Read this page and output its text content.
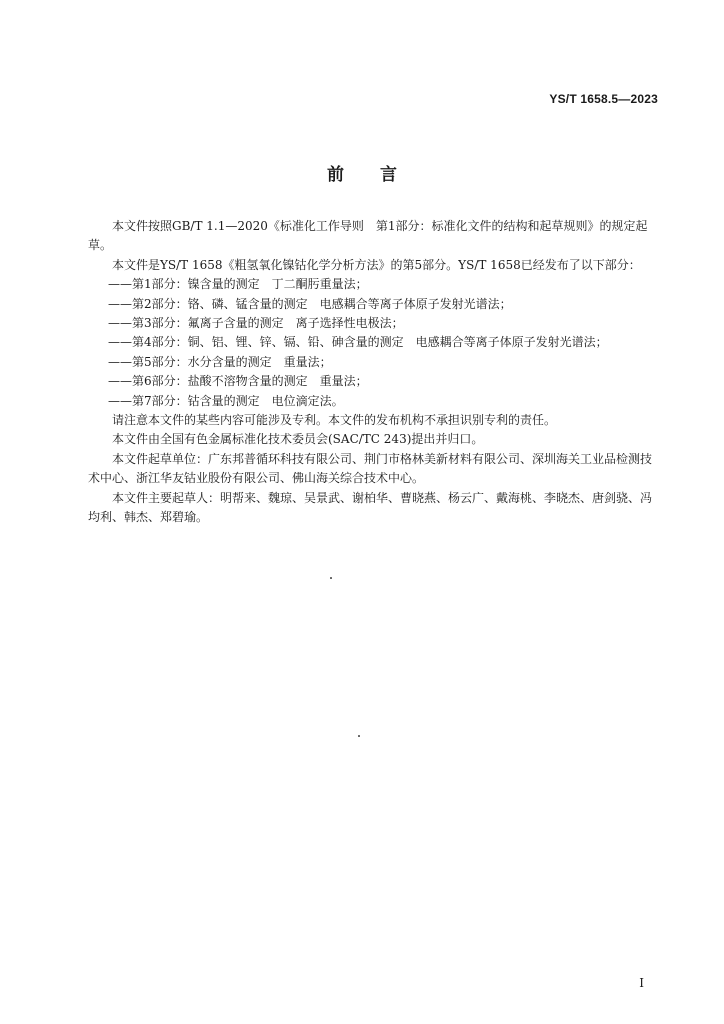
YS/T 1658.5—2023
前 言

本文件按照GB/T 1.1—2020《标准化工作导则　第1部分：标准化文件的结构和起草规则》的规定起草。

本文件是YS/T 1658《粗氢氧化镍钴化学分析方法》的第5部分。YS/T 1658已经发布了以下部分：

——第1部分：镍含量的测定　丁二酮肟重量法；

——第2部分：铬、磷、锰含量的测定　电感耦合等离子体原子发射光谱法；

——第3部分：氟离子含量的测定　离子选择性电极法；

——第4部分：铜、铝、锂、锌、镉、铅、砷含量的测定　电感耦合等离子体原子发射光谱法；

——第5部分：水分含量的测定　重量法；

——第6部分：盐酸不溶物含量的测定　重量法；

——第7部分：钴含量的测定　电位滴定法。

请注意本文件的某些内容可能涉及专利。本文件的发布机构不承担识别专利的责任。

本文件由全国有色金属标准化技术委员会(SAC/TC 243)提出并归口。

本文件起草单位：广东邦普循环科技有限公司、荆门市格林美新材料有限公司、深圳海关工业品检测技术中心、浙江华友钴业股份有限公司、佛山海关综合技术中心。

本文件主要起草人：明帮来、魏琼、吴景武、谢柏华、曹晓燕、杨云广、戴海桃、李晓杰、唐剑骁、冯均利、韩杰、郑碧瑜。

I
